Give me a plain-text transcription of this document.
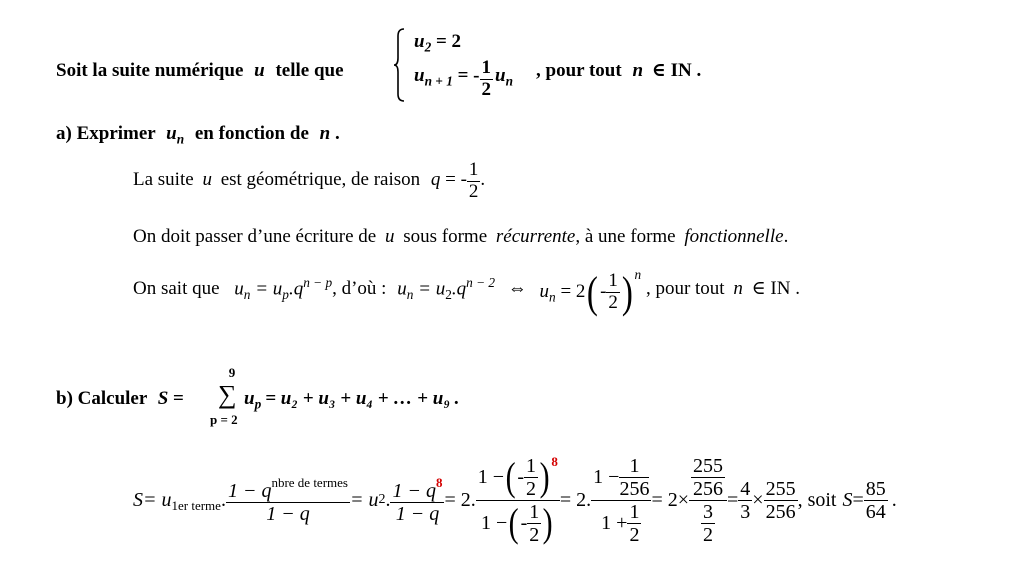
Soit la suite numérique u telle que
$u_2 = 2$
$u_{n + 1}$ = - $\frac{1}{2} u_n$
, pour tout n ∈ IN .
a) Exprimer $u_n$ en fonction de n .
La suite u est géométrique, de raison q = - $\frac{1}{2}$ .
On doit passer d’une écriture de u sous forme récurrente, à une forme fonctionnelle.
On sait que $u_n = u_p.q^{n - p}$, d’où : $u_n = u_2.q^{n - 2}$ ⇔ $u_n = 2(- \frac{1}{2}$ ) $^n$ , pour tout n ∈ IN .
b) Calculer S =
9
∑
p = 2
$u_p = u_2 + u_3 + u_4$ + … + u₉ .
S = u 1er terme . $\frac{1 - q^{nbre de termes}}{1 - q} = u$ 2 . $\frac{1 - q^8}{1 - q} = 2$. $\frac{1 - ( - \frac{1}{2} ) 8}{1 - ( - \frac{1}{2} )} = 2$. $\frac{1 - \frac{1}{256}}{1 + \frac{1}{2}} = 2\times \frac{\frac{255}{256}}{\frac{3}{2}} = \frac{4}{3} \times \frac{255}{256}$ , soit $S = \frac{85}{64}$ .
